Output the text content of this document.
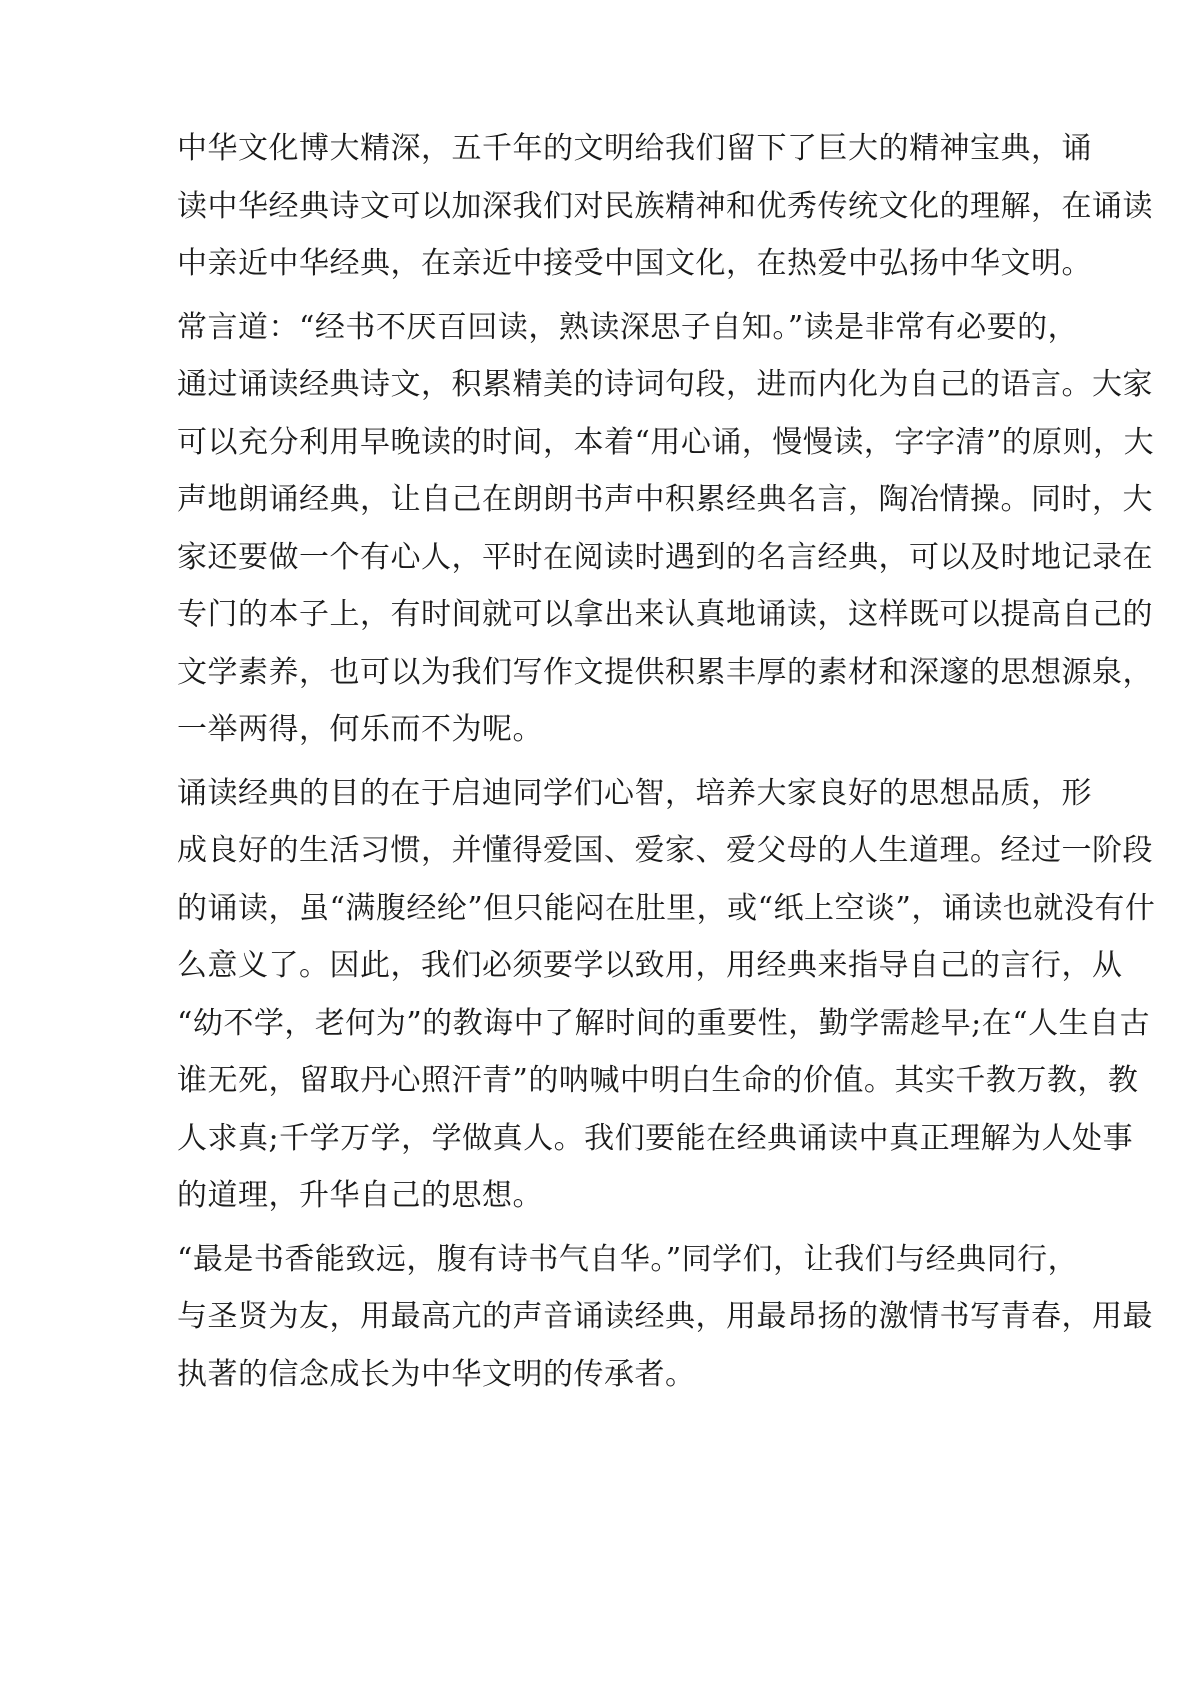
中华文化博大精深，五千年的文明给我们留下了巨大的精神宝典，诵
读中华经典诗文可以加深我们对民族精神和优秀传统文化的理解，在诵读
中亲近中华经典，在亲近中接受中国文化，在热爱中弘扬中华文明。

常言道：“经书不厌百回读，熟读深思子自知。”读是非常有必要的，
通过诵读经典诗文，积累精美的诗词句段，进而内化为自己的语言。大家
可以充分利用早晚读的时间，本着“用心诵，慢慢读，字字清”的原则，大
声地朗诵经典，让自己在朗朗书声中积累经典名言，陶冶情操。同时，大
家还要做一个有心人，平时在阅读时遇到的名言经典，可以及时地记录在
专门的本子上，有时间就可以拿出来认真地诵读，这样既可以提高自己的
文学素养，也可以为我们写作文提供积累丰厚的素材和深邃的思想源泉，
一举两得，何乐而不为呢。

诵读经典的目的在于启迪同学们心智，培养大家良好的思想品质，形
成良好的生活习惯，并懂得爱国、爱家、爱父母的人生道理。经过一阶段
的诵读，虽“满腹经纶”但只能闷在肚里，或“纸上空谈”，诵读也就没有什
么意义了。因此，我们必须要学以致用，用经典来指导自己的言行，从
“幼不学，老何为”的教诲中了解时间的重要性，勤学需趁早;在“人生自古
谁无死，留取丹心照汗青”的呐喊中明白生命的价值。其实千教万教，教
人求真;千学万学，学做真人。我们要能在经典诵读中真正理解为人处事
的道理，升华自己的思想。

“最是书香能致远，腹有诗书气自华。”同学们，让我们与经典同行，
与圣贤为友，用最高亢的声音诵读经典，用最昂扬的激情书写青春，用最
执著的信念成长为中华文明的传承者。
